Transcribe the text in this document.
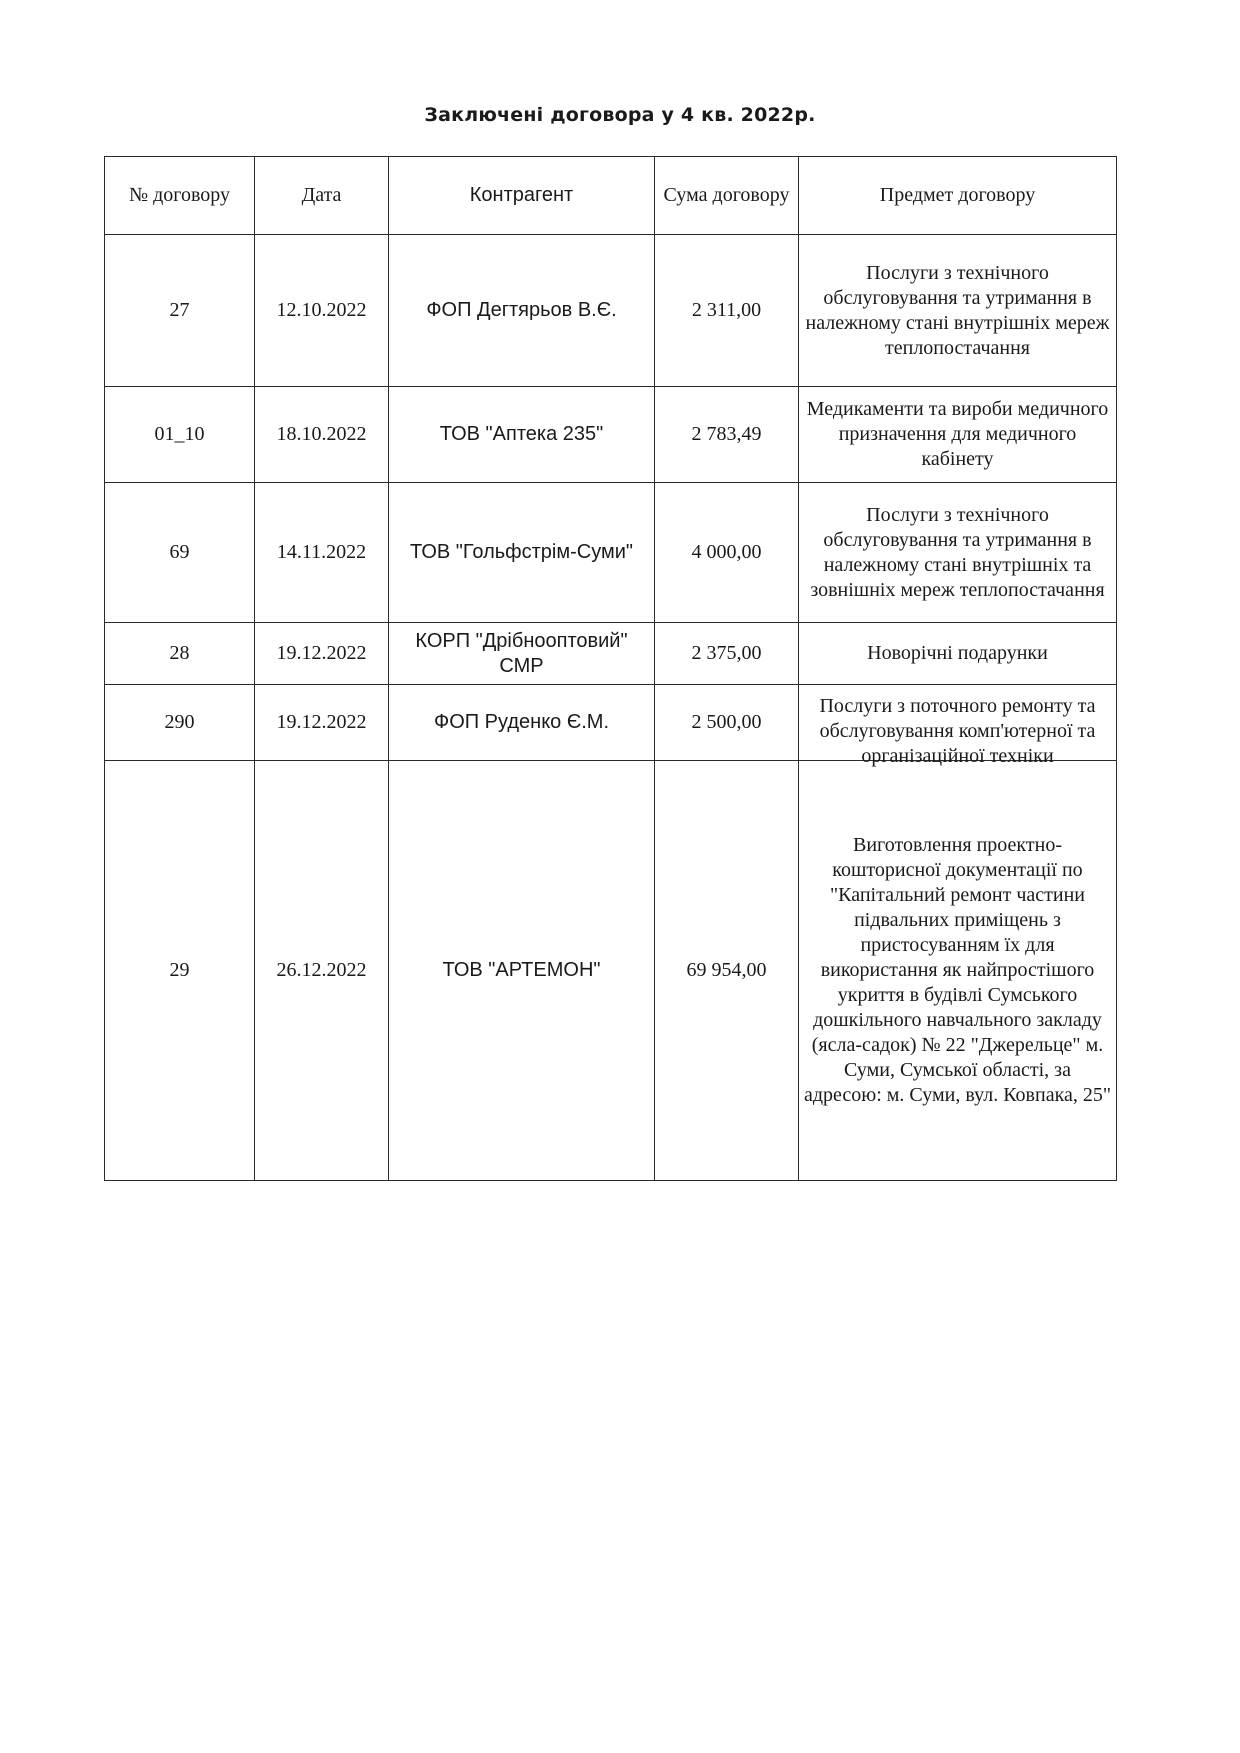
Заключені договора у 4 кв. 2022р.
№ договору	Дата	Контрагент	Сума договору	Предмет договору
27	12.10.2022	ФОП Дегтярьов В.Є.	2 311,00	Послуги з технічного обслуговування та утримання в належному стані внутрішніх мереж теплопостачання
01_10	18.10.2022	ТОВ "Аптека 235"	2 783,49	Медикаменти та вироби медичного призначення для медичного кабінету
69	14.11.2022	ТОВ "Гольфстрім-Суми"	4 000,00	Послуги з технічного обслуговування та утримання в належному стані внутрішніх та зовнішніх мереж теплопостачання

28	19.12.2022	КОРП "Дрібнооптовий" СМР	2 375,00	Новорічні подарунки
290	19.12.2022	ФОП Руденко Є.М.	2 500,00	Послуги з поточного ремонту та обслуговування комп'ютерної та організаційної техніки

29	26.12.2022	ТОВ "АРТЕМОН"	69 954,00	Виготовлення проектно-кошторисної документації по "Капітальний ремонт частини підвальних приміщень з пристосуванням їх для використання як найпростішого укриття в будівлі Сумського дошкільного навчального закладу (ясла-садок) № 22 "Джерельце" м. Суми, Сумської області, за адресою: м. Суми, вул. Ковпака, 25"
